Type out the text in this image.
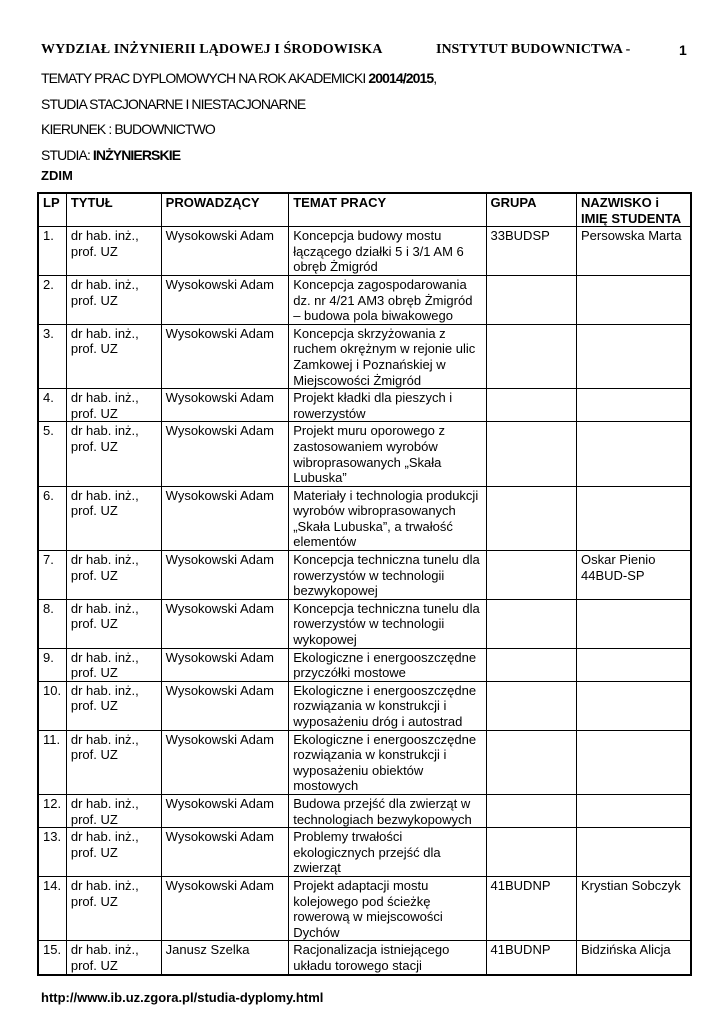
WYDZIAŁ INŻYNIERII LĄDOWEJ I ŚRODOWISKA	INSTYTUT BUDOWNICTWA -	1
TEMATY PRAC DYPLOMOWYCH NA ROK AKADEMICKI 20014/2015,
STUDIA STACJONARNE I NIESTACJONARNE
KIERUNEK : BUDOWNICTWO
STUDIA: INŻYNIERSKIE
ZDIM
LP	TYTUŁ	PROWADZĄCY	TEMAT PRACY	GRUPA	NAZWISKO i IMIĘ STUDENTA
1.	dr hab. inż., prof. UZ	Wysokowski Adam	Koncepcja budowy mostu łączącego działki 5 i 3/1 AM 6 obręb Żmigród	33BUDSP	Persowska Marta
2.	dr hab. inż., prof. UZ	Wysokowski Adam	Koncepcja zagospodarowania dz. nr 4/21 AM3 obręb Żmigród – budowa pola biwakowego		
3.	dr hab. inż., prof. UZ	Wysokowski Adam	Koncepcja skrzyżowania z ruchem okrężnym w rejonie ulic Zamkowej i Poznańskiej w Miejscowości Żmigród		
4.	dr hab. inż., prof. UZ	Wysokowski Adam	Projekt kładki dla pieszych i rowerzystów		
5.	dr hab. inż., prof. UZ	Wysokowski Adam	Projekt muru oporowego z zastosowaniem wyrobów wibroprasowanych „Skała Lubuska”		
6.	dr hab. inż., prof. UZ	Wysokowski Adam	Materiały i technologia produkcji wyrobów wibroprasowanych „Skała Lubuska”, a trwałość elementów		
7.	dr hab. inż., prof. UZ	Wysokowski Adam	Koncepcja techniczna tunelu dla rowerzystów w technologii bezwykopowej		Oskar Pienio 44BUD-SP
8.	dr hab. inż., prof. UZ	Wysokowski Adam	Koncepcja techniczna tunelu dla rowerzystów w technologii wykopowej		
9.	dr hab. inż., prof. UZ	Wysokowski Adam	Ekologiczne i energooszczędne przyczółki mostowe		
10.	dr hab. inż., prof. UZ	Wysokowski Adam	Ekologiczne i energooszczędne rozwiązania w konstrukcji i wyposażeniu dróg i autostrad		
11.	dr hab. inż., prof. UZ	Wysokowski Adam	Ekologiczne i energooszczędne rozwiązania w konstrukcji i wyposażeniu obiektów mostowych		
12.	dr hab. inż., prof. UZ	Wysokowski Adam	Budowa przejść dla zwierząt w technologiach bezwykopowych		
13.	dr hab. inż., prof. UZ	Wysokowski Adam	Problemy trwałości ekologicznych przejść dla zwierząt		
14.	dr hab. inż., prof. UZ	Wysokowski Adam	Projekt adaptacji mostu kolejowego pod ścieżkę rowerową w miejscowości Dychów	41BUDNP	Krystian Sobczyk
15.	dr hab. inż., prof. UZ	Janusz Szelka	Racjonalizacja istniejącego układu torowego stacji	41BUDNP	Bidzińska Alicja
http://www.ib.uz.zgora.pl/studia-dyplomy.html
